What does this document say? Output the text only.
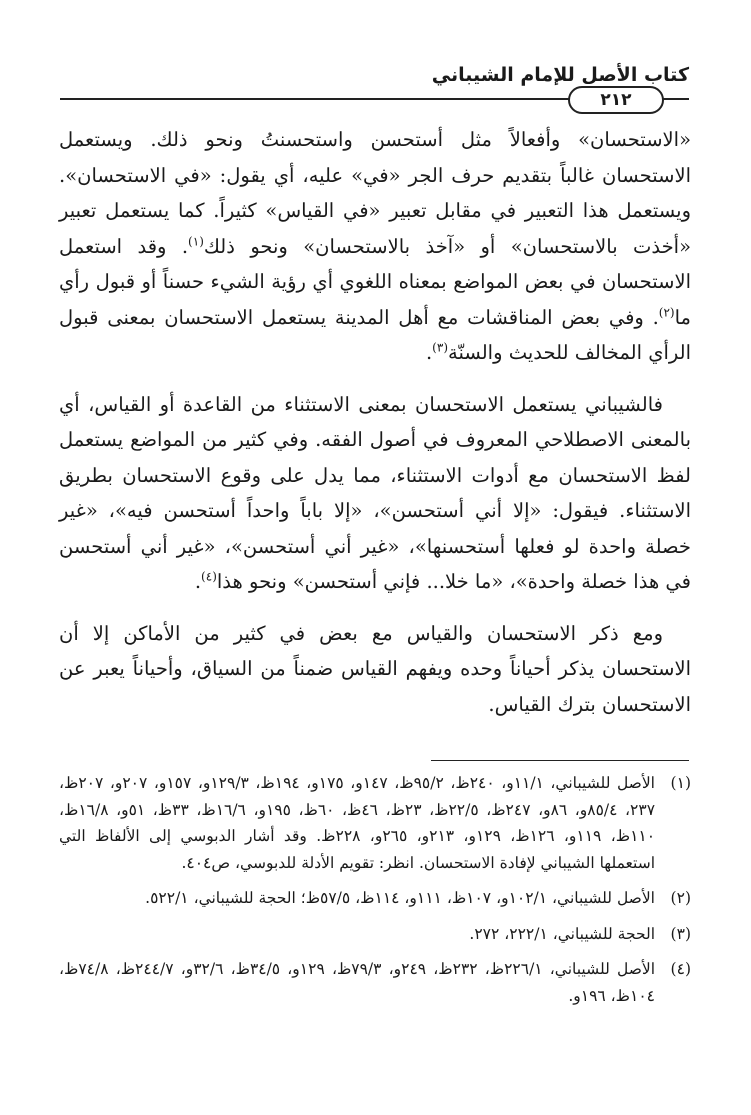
كتاب الأصل للإمام الشيباني
٢١٢

«الاستحسان» وأفعالاً مثل أستحسن واستحسنتُ ونحو ذلك. ويستعمل الاستحسان غالباً بتقديم حرف الجر «في» عليه، أي يقول: «في الاستحسان». ويستعمل هذا التعبير في مقابل تعبير «في القياس» كثيراً. كما يستعمل تعبير «أخذت بالاستحسان» أو «آخذ بالاستحسان» ونحو ذلك$^{(١)}$. وقد استعمل الاستحسان في بعض المواضع بمعناه اللغوي أي رؤية الشيء حسناً أو قبول رأي ما$^{(٢)}$. وفي بعض المناقشات مع أهل المدينة يستعمل الاستحسان بمعنى قبول الرأي المخالف للحديث والسنّة$^{(٣)}$.

فالشيباني يستعمل الاستحسان بمعنى الاستثناء من القاعدة أو القياس، أي بالمعنى الاصطلاحي المعروف في أصول الفقه. وفي كثير من المواضع يستعمل لفظ الاستحسان مع أدوات الاستثناء، مما يدل على وقوع الاستحسان بطريق الاستثناء. فيقول: «إلا أني أستحسن»، «إلا باباً واحداً أستحسن فيه»، «غير خصلة واحدة لو فعلها أستحسنها»، «غير أني أستحسن»، «غير أني أستحسن في هذا خصلة واحدة»، «ما خلا... فإني أستحسن» ونحو هذا$^{(٤)}$.

ومع ذكر الاستحسان والقياس مع بعض في كثير من الأماكن إلا أن الاستحسان يذكر أحياناً وحده ويفهم القياس ضمناً من السياق، وأحياناً يعبر عن الاستحسان بترك القياس.

(١)
الأصل للشيباني، ١١/١و، ٢٤٠ظ، ٩٥/٢ظ، ١٤٧و، ١٧٥و، ١٩٤ظ، ١٢٩/٣و، ١٥٧و، ٢٠٧و، ٢٠٧ظ، ٢٣٧، ٨٥/٤و، ٨٦و، ٢٤٧ظ، ٢٢/٥ظ، ٢٣ظ، ٤٦ظ، ٦٠ظ، ١٩٥و، ١٦/٦ظ، ٣٣ظ، ٥١و، ١٦/٨ظ، ١١٠ظ، ١١٩و، ١٢٦ظ، ١٢٩و، ٢١٣و، ٢٦٥و، ٢٢٨ظ. وقد أشار الدبوسي إلى الألفاظ التي استعملها الشيباني لإفادة الاستحسان. انظر: تقويم الأدلة للدبوسي، ص٤٠٤.
(٢)
الأصل للشيباني، ١٠٢/١و، ١٠٧ظ، ١١١و، ١١٤ظ، ٥٧/٥ظ؛ الحجة للشيباني، ٥٢٢/١.
(٣)
الحجة للشيباني، ٢٢٢/١، ٢٧٢.
(٤)
الأصل للشيباني، ٢٢٦/١ظ، ٢٣٢ظ، ٢٤٩و، ٧٩/٣ظ، ١٢٩و، ٣٤/٥ظ، ٣٢/٦و، ٢٤٤/٧ظ، ٧٤/٨ظ، ١٠٤ظ، ١٩٦و.
